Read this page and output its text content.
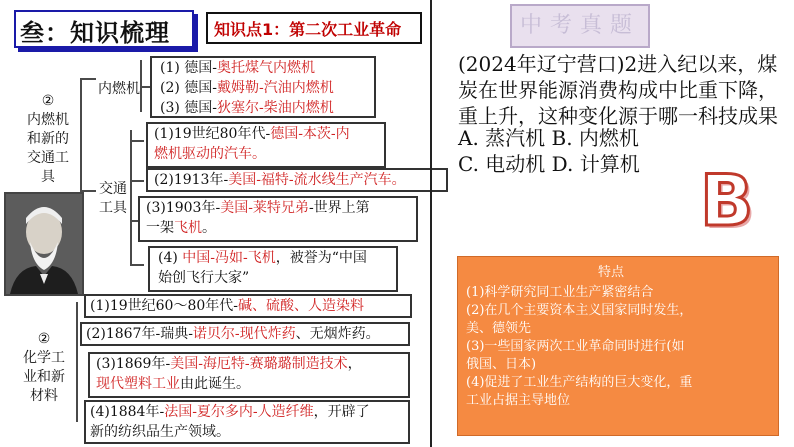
叁：知识梳理	知识点1：第二次工业革命
②
内燃机
和新的
交通工
具
内燃机
交通
工具
(1) 德国-奥托煤气内燃机
(2) 德国-戴姆勒-汽油内燃机
(3) 德国-狄塞尔-柴油内燃机
(1)19世纪80年代-德国-本茨-内
燃机驱动的汽车。
(2)1913年-美国-福特-流水线生产汽车。
(3)1903年-美国-莱特兄弟-世界上第
一架飞机。
(4) 中国-冯如-飞机，被誉为“中国
始创飞行大家”
②
化学工
业和新
材料
(1)19世纪60～80年代-碱、硫酸、人造染料
(2)1867年-瑞典-诺贝尔-现代炸药、无烟炸药。
(3)1869年-美国-海厄特-赛璐璐制造技术，
现代塑料工业由此诞生。
(4)1884年-法国-夏尔多内-人造纤维，开辟了
新的纺织品生产领域。
中考真题
(2024年辽宁营口)2进入纪以来，煤
炭在世界能源消费构成中比重下降，
重上升，这种变化源于哪一科技成果
A. 蒸汽机 B. 内燃机
C. 电动机 D. 计算机 B
特点
(1)科学研究同工业生产紧密结合
(2)在几个主要资本主义国家同时发生，
美、德领先
(3)一些国家两次工业革命同时进行(如
俄国、日本)
(4)促进了工业生产结构的巨大变化，重
工业占据主导地位
